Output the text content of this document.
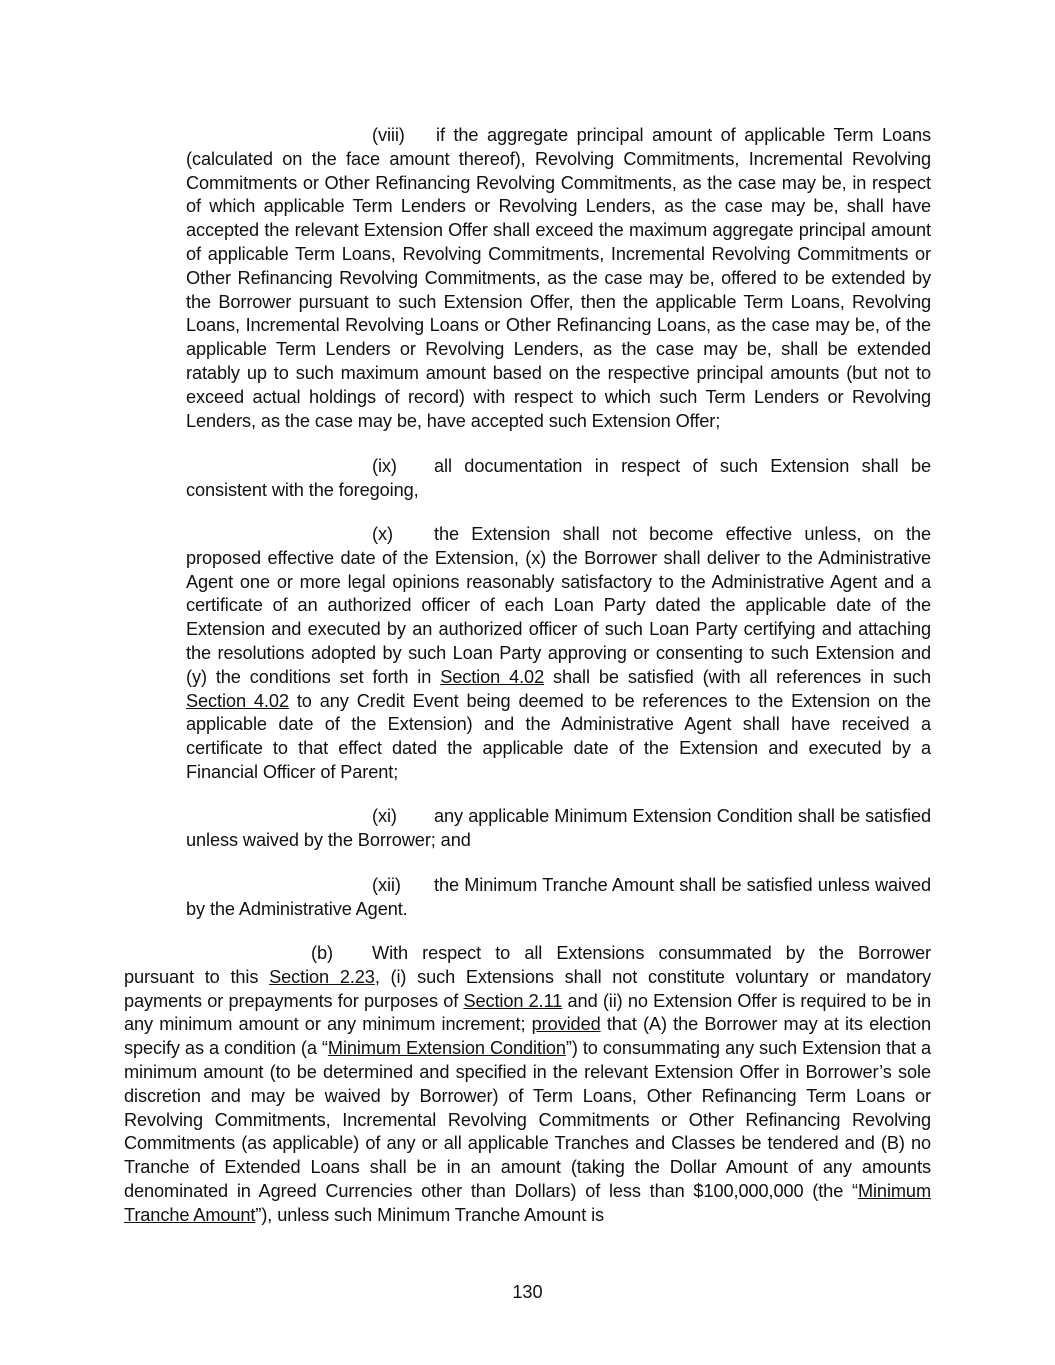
(viii) if the aggregate principal amount of applicable Term Loans (calculated on the face amount thereof), Revolving Commitments, Incremental Revolving Commitments or Other Refinancing Revolving Commitments, as the case may be, in respect of which applicable Term Lenders or Revolving Lenders, as the case may be, shall have accepted the relevant Extension Offer shall exceed the maximum aggregate principal amount of applicable Term Loans, Revolving Commitments, Incremental Revolving Commitments or Other Refinancing Revolving Commitments, as the case may be, offered to be extended by the Borrower pursuant to such Extension Offer, then the applicable Term Loans, Revolving Loans, Incremental Revolving Loans or Other Refinancing Loans, as the case may be, of the applicable Term Lenders or Revolving Lenders, as the case may be, shall be extended ratably up to such maximum amount based on the respective principal amounts (but not to exceed actual holdings of record) with respect to which such Term Lenders or Revolving Lenders, as the case may be, have accepted such Extension Offer;

(ix) all documentation in respect of such Extension shall be consistent with the foregoing,

(x) the Extension shall not become effective unless, on the proposed effective date of the Extension, (x) the Borrower shall deliver to the Administrative Agent one or more legal opinions reasonably satisfactory to the Administrative Agent and a certificate of an authorized officer of each Loan Party dated the applicable date of the Extension and executed by an authorized officer of such Loan Party certifying and attaching the resolutions adopted by such Loan Party approving or consenting to such Extension and (y) the conditions set forth in Section 4.02 shall be satisfied (with all references in such Section 4.02 to any Credit Event being deemed to be references to the Extension on the applicable date of the Extension) and the Administrative Agent shall have received a certificate to that effect dated the applicable date of the Extension and executed by a Financial Officer of Parent;

(xi) any applicable Minimum Extension Condition shall be satisfied unless waived by the Borrower; and

(xii) the Minimum Tranche Amount shall be satisfied unless waived by the Administrative Agent.

(b) With respect to all Extensions consummated by the Borrower pursuant to this Section 2.23, (i) such Extensions shall not constitute voluntary or mandatory payments or prepayments for purposes of Section 2.11 and (ii) no Extension Offer is required to be in any minimum amount or any minimum increment; provided that (A) the Borrower may at its election specify as a condition (a “Minimum Extension Condition”) to consummating any such Extension that a minimum amount (to be determined and specified in the relevant Extension Offer in Borrower’s sole discretion and may be waived by Borrower) of Term Loans, Other Refinancing Term Loans or Revolving Commitments, Incremental Revolving Commitments or Other Refinancing Revolving Commitments (as applicable) of any or all applicable Tranches and Classes be tendered and (B) no Tranche of Extended Loans shall be in an amount (taking the Dollar Amount of any amounts denominated in Agreed Currencies other than Dollars) of less than $100,000,000 (the “Minimum Tranche Amount”), unless such Minimum Tranche Amount is

130
